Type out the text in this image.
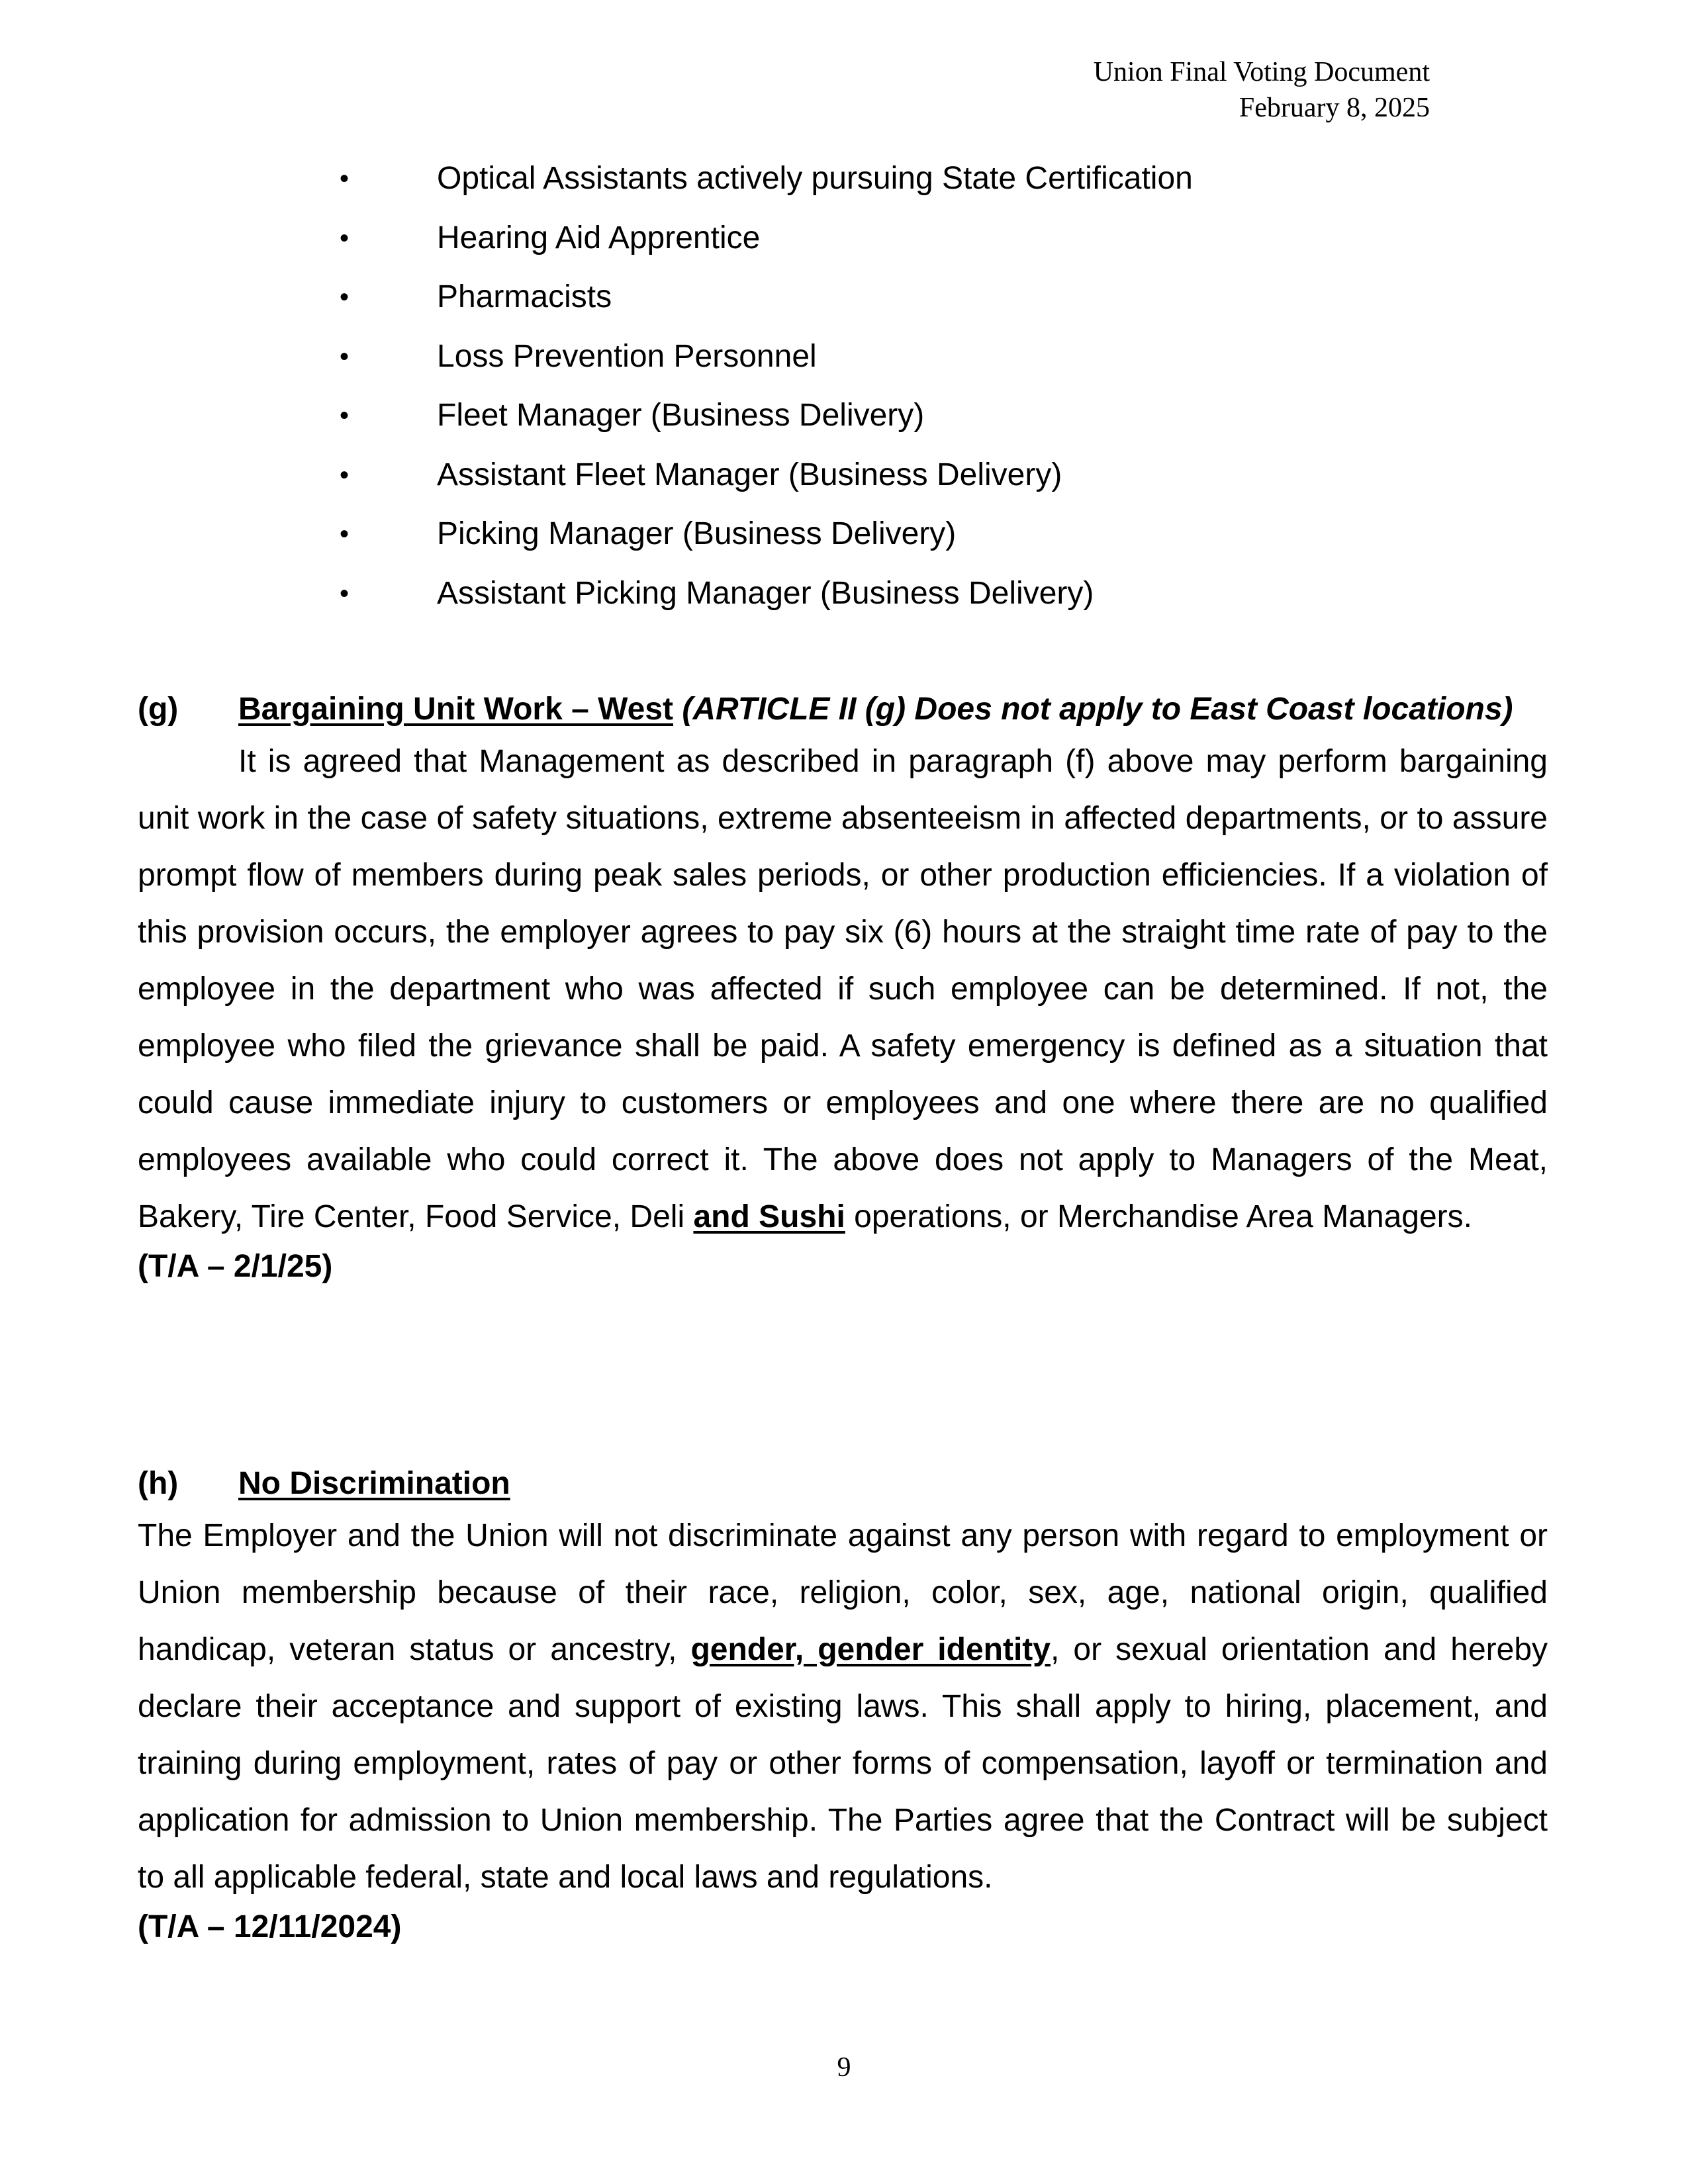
Union Final Voting Document
February 8, 2025
•	Optical Assistants actively pursuing State Certification
•	Hearing Aid Apprentice
•	Pharmacists
•	Loss Prevention Personnel
•	Fleet Manager (Business Delivery)
•	Assistant Fleet Manager (Business Delivery)
•	Picking Manager (Business Delivery)
•	Assistant Picking Manager (Business Delivery)
(g) Bargaining Unit Work – West (ARTICLE II (g) Does not apply to East Coast locations)

It is agreed that Management as described in paragraph (f) above may perform bargaining unit work in the case of safety situations, extreme absenteeism in affected departments, or to assure prompt flow of members during peak sales periods, or other production efficiencies. If a violation of this provision occurs, the employer agrees to pay six (6) hours at the straight time rate of pay to the employee in the department who was affected if such employee can be determined. If not, the employee who filed the grievance shall be paid. A safety emergency is defined as a situation that could cause immediate injury to customers or employees and one where there are no qualified employees available who could correct it. The above does not apply to Managers of the Meat, Bakery, Tire Center, Food Service, Deli and Sushi operations, or Merchandise Area Managers.

(T/A – 2/1/25)

(h) No Discrimination

The Employer and the Union will not discriminate against any person with regard to employment or Union membership because of their race, religion, color, sex, age, national origin, qualified handicap, veteran status or ancestry, gender, gender identity, or sexual orientation and hereby declare their acceptance and support of existing laws. This shall apply to hiring, placement, and training during employment, rates of pay or other forms of compensation, layoff or termination and application for admission to Union membership. The Parties agree that the Contract will be subject to all applicable federal, state and local laws and regulations.

(T/A – 12/11/2024)

9
